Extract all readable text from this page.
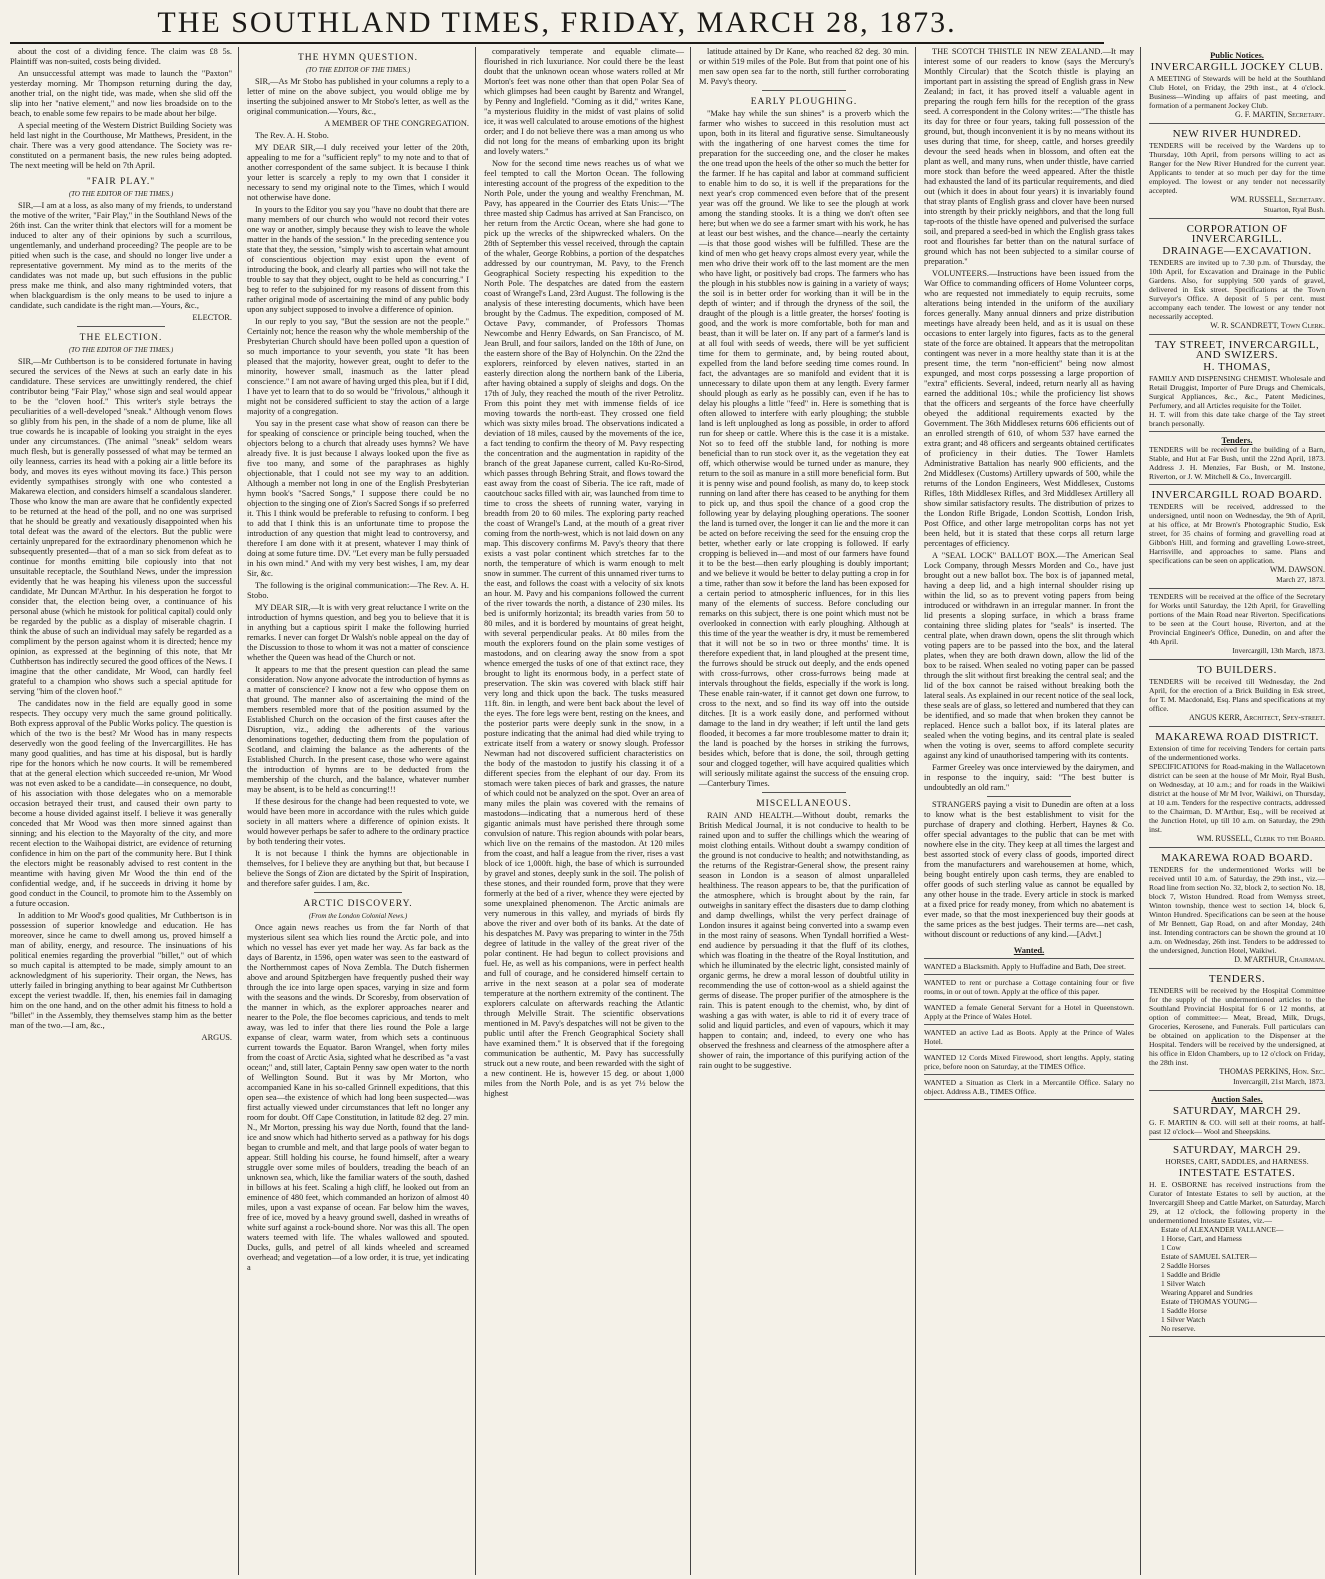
THE SOUTHLAND TIMES, FRIDAY, MARCH 28, 1873.

about the cost of a dividing fence. The claim was £8 5s. Plaintiff was non-suited, costs being divided.

An unsuccessful attempt was made to launch the "Paxton" yesterday morning. Mr Thompson returning during the day, another trial, on the night tide, was made, when she slid off the slip into her "native element," and now lies broadside on to the beach, to enable some few repairs to be made about her bilge.

A special meeting of the Western District Building Society was held last night in the Courthouse, Mr Matthews, President, in the chair. There was a very good attendance. The Society was re-constituted on a permanent basis, the new rules being adopted. The next meeting will be held on 7th April.

"FAIR PLAY."
(TO THE EDITOR OF THE TIMES.)

SIR,—I am at a loss, as also many of my friends, to understand the motive of the writer, "Fair Play," in the Southland News of the 26th inst. Can the writer think that electors will for a moment be induced to alter any of their opinions by such a scurrilous, ungentlemanly, and underhand proceeding? The people are to be pitied when such is the case, and should no longer live under a representative government. My mind as to the merits of the candidates was not made up, but such effusions in the public press make me think, and also many rightminded voters, that when blackguardism is the only means to be used to injure a candidate, such candidate is the right man.—Yours, &c.,

ELECTOR.

THE ELECTION.
(TO THE EDITOR OF THE TIMES.)

SIR,—Mr Cuthbertson is to be considered fortunate in having secured the services of the News at such an early date in his candidature. These services are unwittingly rendered, the chief contributor being "Fair Play," whose sign and seal would appear to be the "cloven hoof." This writer's style betrays the peculiarities of a well-developed "sneak." Although venom flows so glibly from his pen, in the shade of a nom de plume, like all true cowards he is incapable of looking you straight in the eyes under any circumstances. (The animal "sneak" seldom wears much flesh, but is generally possessed of what may be termed an oily leanness, carries its head with a poking air a little before its body, and moves its eyes without moving its face.) This person evidently sympathises strongly with one who contested a Makarewa election, and considers himself a scandalous slanderer. Those who know the man are aware that he confidently expected to be returned at the head of the poll, and no one was surprised that he should be greatly and vexatiously disappointed when his total defeat was the award of the electors. But the public were certainly unprepared for the extraordinary phenomenon which he subsequently presented—that of a man so sick from defeat as to continue for months emitting bile copiously into that not unsuitable receptacle, the Southland News, under the impression evidently that he was heaping his vileness upon the successful candidate, Mr Duncan M'Arthur. In his desperation he forgot to consider that, the election being over, a continuance of his personal abuse (which he mistook for political capital) could only be regarded by the public as a display of miserable chagrin. I think the abuse of such an individual may safely be regarded as a compliment by the person against whom it is directed; hence my opinion, as expressed at the beginning of this note, that Mr Cuthbertson has indirectly secured the good offices of the News. I imagine that the other candidate, Mr Wood, can hardly feel grateful to a champion who shows such a special aptitude for serving "him of the cloven hoof."

The candidates now in the field are equally good in some respects. They occupy very much the same ground politically. Both express approval of the Public Works policy. The question is which of the two is the best? Mr Wood has in many respects deservedly won the good feeling of the Invercargillites. He has many good qualities, and has time at his disposal, but is hardly ripe for the honors which he now courts. It will be remembered that at the general election which succeeded re-union, Mr Wood was not even asked to be a candidate—in consequence, no doubt, of his association with those delegates who on a memorable occasion betrayed their trust, and caused their own party to become a house divided against itself. I believe it was generally conceded that Mr Wood was then more sinned against than sinning; and his election to the Mayoralty of the city, and more recent election to the Waihopai district, are evidence of returning confidence in him on the part of the community here. But I think the electors might be reasonably advised to rest content in the meantime with having given Mr Wood the thin end of the confidential wedge, and, if he succeeds in driving it home by good conduct in the Council, to promote him to the Assembly on a future occasion.

In addition to Mr Wood's good qualities, Mr Cuthbertson is in possession of superior knowledge and education. He has moreover, since he came to dwell among us, proved himself a man of ability, energy, and resource. The insinuations of his political enemies regarding the proverbial "billet," out of which so much capital is attempted to be made, simply amount to an acknowledgment of his superiority. Their organ, the News, has utterly failed in bringing anything to bear against Mr Cuthbertson except the veriest twaddle. If, then, his enemies fail in damaging him on the one hand, and on the other admit his fitness to hold a "billet" in the Assembly, they themselves stamp him as the better man of the two.—I am, &c.,

ARGUS.

THE HYMN QUESTION.
(TO THE EDITOR OF THE TIMES.)

SIR,—As Mr Stobo has published in your columns a reply to a letter of mine on the above subject, you would oblige me by inserting the subjoined answer to Mr Stobo's letter, as well as the original communication.—Yours, &c.,

A MEMBER OF THE CONGREGATION.

The Rev. A. H. Stobo.

MY DEAR SIR,—I duly received your letter of the 20th, appealing to me for a "sufficient reply" to my note and to that of another correspondent of the same subject. It is because I think your letter is scarcely a reply to my own that I consider it necessary to send my original note to the Times, which I would not otherwise have done.

In yours to the Editor you say you "have no doubt that there are many members of our church who would not record their votes one way or another, simply because they wish to leave the whole matter in the hands of the session." In the preceding sentence you state that they, the session, "simply wish to ascertain what amount of conscientious objection may exist upon the event of introducing the book, and clearly all parties who will not take the trouble to say that they object, ought to be held as concurring." I beg to refer to the subjoined for my reasons of dissent from this rather original mode of ascertaining the mind of any public body upon any subject supposed to involve a difference of opinion.

In our reply to you say, "But the session are not the people." Certainly not; hence the reason why the whole membership of the Presbyterian Church should have been polled upon a question of so much importance to your seventh, you state "It has been pleased that the majority, however great, ought to defer to the minority, however small, inasmuch as the latter plead conscience." I am not aware of having urged this plea, but if I did, I have yet to learn that to do so would be "frivolous," although it might not be considered sufficient to stay the action of a large majority of a congregation.

You say in the present case what show of reason can there be for speaking of conscience or principle being touched, when the objectors belong to a church that already uses hymns? We have already five. It is just because I always looked upon the five as five too many, and some of the paraphrases as highly objectionable, that I could not see my way to an addition. Although a member not long in one of the English Presbyterian hymn book's "Sacred Songs," I suppose there could be no objection to the singing one of Zion's Sacred Songs if so preferred it. This I think would be preferable to refusing to conform. I beg to add that I think this is an unfortunate time to propose the introduction of any question that might lead to controversy, and therefore I am done with it at present, whatever I may think of doing at some future time. DV. "Let every man be fully persuaded in his own mind." And with my very best wishes, I am, my dear Sir, &c.

The following is the original communication:—The Rev. A. H. Stobo.

MY DEAR SIR,—It is with very great reluctance I write on the introduction of hymns question, and beg you to believe that it is in anything but a captious spirit I make the following hurried remarks. I never can forget Dr Walsh's noble appeal on the day of the Discussion to those to whom it was not a matter of conscience whether the Queen was head of the Church or not.

It appears to me that the present question can plead the same consideration. Now anyone advocate the introduction of hymns as a matter of conscience? I know not a few who oppose them on that ground. The manner also of ascertaining the mind of the members resembled more that of the position assumed by the Established Church on the occasion of the first causes after the Disruption, viz., adding the adherents of the various denominations together, deducting them from the population of Scotland, and claiming the balance as the adherents of the Established Church. In the present case, those who were against the introduction of hymns are to be deducted from the membership of the church, and the balance, whatever number may be absent, is to be held as concurring!!!

If these desirous for the change had been requested to vote, we would have been more in accordance with the rules which guide society in all matters where a difference of opinion exists. It would however perhaps be safer to adhere to the ordinary practice by both tendering their votes.

It is not because I think the hymns are objectionable in themselves, for I believe they are anything but that, but because I believe the Songs of Zion are dictated by the Spirit of Inspiration, and therefore safer guides. I am, &c.

ARCTIC DISCOVERY.
(From the London Colonial News.)

Once again news reaches us from the far North of that mysterious silent sea which lies round the Arctic pole, and into which no vessel has ever yet made her way. As far back as the days of Barentz, in 1596, open water was seen to the eastward of the Northernmost capes of Nova Zembla. The Dutch fishermen above and around Spitzbergen have frequently pushed their way through the ice into large open spaces, varying in size and form with the seasons and the winds. Dr Scoresby, from observation of the manner in which, as the explorer approaches nearer and nearer to the Pole, the floe becomes capricious, and tends to melt away, was led to infer that there lies round the Pole a large expanse of clear, warm water, from which sets a continuous current towards the Equator. Baron Wrangel, when forty miles from the coast of Arctic Asia, sighted what he described as "a vast ocean;" and, still later, Captain Penny saw open water to the north of Wellington Sound. But it was by Mr Morton, who accompanied Kane in his so-called Grinnell expeditions, that this open sea—the existence of which had long been suspected—was first actually viewed under circumstances that left no longer any room for doubt. Off Cape Constitution, in latitude 82 deg. 27 min. N., Mr Morton, pressing his way due North, found that the land-ice and snow which had hitherto served as a pathway for his dogs began to crumble and melt, and that large pools of water began to appear. Still holding his course, he found himself, after a weary struggle over some miles of boulders, treading the beach of an unknown sea, which, like the familiar waters of the south, dashed in billows at his feet. Scaling a high cliff, he looked out from an eminence of 480 feet, which commanded an horizon of almost 40 miles, upon a vast expanse of ocean. Far below him the waves, free of ice, moved by a heavy ground swell, dashed in wreaths of white surf against a rock-bound shore. Nor was this all. The open waters teemed with life. The whales wallowed and spouted. Ducks, gulls, and petrel of all kinds wheeled and screamed overhead; and vegetation—of a low order, it is true, yet indicating a

comparatively temperate and equable climate—flourished in rich luxuriance. Nor could there be the least doubt that the unknown ocean whose waters rolled at Mr Morton's feet was none other than that open Polar Sea of which glimpses had been caught by Barentz and Wrangel, by Penny and Inglefield. "Coming as it did," writes Kane, "a mysterious fluidity in the midst of vast plains of solid ice, it was well calculated to arouse emotions of the highest order; and I do not believe there was a man among us who did not long for the means of embarking upon its bright and lovely waters."

Now for the second time news reaches us of what we feel tempted to call the Morton Ocean. The following interesting account of the progress of the expedition to the North Pole, under the young and wealthy Frenchman, M. Pavy, has appeared in the Courrier des Etats Unis:—"The three masted ship Cadmus has arrived at San Francisco, on her return from the Arctic Ocean, where she had gone to pick up the wrecks of the shipwrecked whalers. On the 28th of September this vessel received, through the captain of the whaler, George Robbins, a portion of the despatches addressed by our countryman, M. Pavy, to the French Geographical Society respecting his expedition to the North Pole. The despatches are dated from the eastern coast of Wrangel's Land, 23rd August. The following is the analysis of these interesting documents, which have been brought by the Cadmus. The expedition, composed of M. Octave Pavy, commander, of Professors Thomas Newcombe and Henry Edwards, on San Francisco, of M. Jean Brull, and four sailors, landed on the 18th of June, on the eastern shore of the Bay of Holynchin. On the 22nd the explorers, reinforced by eleven natives, started in an easterly direction along the northern bank of the Liberia, after having obtained a supply of sleighs and dogs. On the 17th of July, they reached the mouth of the river Petrolitz. From this point they met with immense fields of ice moving towards the north-east. They crossed one field which was sixty miles broad. The observations indicated a deviation of 18 miles, caused by the movements of the ice, a fact tending to confirm the theory of M. Pavy respecting the concentration and the augmentation in rapidity of the branch of the great Japanese current, called Ku-Ro-Sirod, which passes through Behring Strait, and flows toward the east away from the coast of Siberia. The ice raft, made of caoutchouc sacks filled with air, was launched from time to time to cross the sheets of running water, varying in breadth from 20 to 60 miles. The exploring party reached the coast of Wrangel's Land, at the mouth of a great river coming from the north-west, which is not laid down on any map. This discovery confirms M. Pavy's theory that there exists a vast polar continent which stretches far to the north, the temperature of which is warm enough to melt snow in summer. The current of this unnamed river turns to the east, and follows the coast with a velocity of six knots an hour. M. Pavy and his companions followed the current of the river towards the north, a distance of 230 miles. Its bed is uniformly horizontal; its breadth varies from 50 to 80 miles, and it is bordered by mountains of great height, with several perpendicular peaks. At 80 miles from the mouth the explorers found on the plain some vestiges of mastodons, and on clearing away the snow from a spot whence emerged the tusks of one of that extinct race, they brought to light its enormous body, in a perfect state of preservation. The skin was covered with black stiff hair very long and thick upon the back. The tusks measured 11ft. 8in. in length, and were bent back about the level of the eyes. The fore legs were bent, resting on the knees, and the posterior parts were deeply sunk in the snow, in a posture indicating that the animal had died while trying to extricate itself from a watery or snowy slough. Professor Newman had not discovered sufficient characteristics on the body of the mastodon to justify his classing it of a different species from the elephant of our day. From its stomach were taken pieces of bark and grasses, the nature of which could not be analyzed on the spot. Over an area of many miles the plain was covered with the remains of mastodons—indicating that a numerous herd of these gigantic animals must have perished there through some convulsion of nature. This region abounds with polar bears, which live on the remains of the mastodon. At 120 miles from the coast, and half a league from the river, rises a vast block of ice 1,000ft. high, the base of which is surrounded by gravel and stones, deeply sunk in the soil. The polish of these stones, and their rounded form, prove that they were formerly at the bed of a river, whence they were ejected by some unexplained phenomenon. The Arctic animals are very numerous in this valley, and myriads of birds fly above the river and over both of its banks. At the date of his despatches M. Pavy was preparing to winter in the 75th degree of latitude in the valley of the great river of the polar continent. He had begun to collect provisions and fuel. He, as well as his companions, were in perfect health and full of courage, and he considered himself certain to arrive in the next season at a polar sea of moderate temperature at the northern extremity of the continent. The explorers calculate on afterwards reaching the Atlantic through Melville Strait. The scientific observations mentioned in M. Pavy's despatches will not be given to the public until after the French Geographical Society shall have examined them." It is observed that if the foregoing communication be authentic, M. Pavy has successfully struck out a new route, and been rewarded with the sight of a new continent. He is, however 15 deg. or about 1,000 miles from the North Pole, and is as yet 7½ below the highest

latitude attained by Dr Kane, who reached 82 deg. 30 min. or within 519 miles of the Pole. But from that point one of his men saw open sea far to the north, still further corroborating M. Pavy's theory.

EARLY PLOUGHING.

"Make hay while the sun shines" is a proverb which the farmer who wishes to succeed in this resolution must act upon, both in its literal and figurative sense. Simultaneously with the ingathering of one harvest comes the time for preparation for the succeeding one, and the closer he makes the one tread upon the heels of the other so much the better for the farmer. If he has capital and labor at command sufficient to enable him to do so, it is well if the preparations for the next year's crop commenced even before that of the present year was off the ground. We like to see the plough at work among the standing stooks. It is a thing we don't often see here; but when we do see a farmer smart with his work, he has at least our best wishes, and the chance—nearly the certainty—is that those good wishes will be fulfilled. These are the kind of men who get heavy crops almost every year, while the men who drive their work off to the last moment are the men who have light, or positively bad crops. The farmers who has the plough in his stubbles now is gaining in a variety of ways; the soil is in better order for working than it will be in the depth of winter; and if through the dryness of the soil, the draught of the plough is a little greater, the horses' footing is good, and the work is more comfortable, both for man and beast, than it will be later on. If any part of a farmer's land is at all foul with seeds of weeds, there will be yet sufficient time for them to germinate, and, by being routed about, expelled from the land before seeding time comes round. In fact, the advantages are so manifold and evident that it is unnecessary to dilate upon them at any length. Every farmer should plough as early as he possibly can, even if he has to delay his ploughs a little "feed" in. Here is something that is often allowed to interfere with early ploughing; the stubble land is left unploughed as long as possible, in order to afford run for sheep or cattle. Where this is the case it is a mistake. Not so to feed off the stubble land, for nothing is more beneficial than to run stock over it, as the vegetation they eat off, which otherwise would be turned under as manure, they return to the soil as manure in a still more beneficial form. But it is penny wise and pound foolish, as many do, to keep stock running on land after there has ceased to be anything for them to pick up, and thus spoil the chance of a good crop the following year by delaying ploughing operations. The sooner the land is turned over, the longer it can lie and the more it can be acted on before receiving the seed for the ensuing crop the better, whether early or late cropping is followed. If early cropping is believed in—and most of our farmers have found it to be the best—then early ploughing is doubly important; and we believe it would be better to delay putting a crop in for a time, rather than sow it before the land has been exposed for a certain period to atmospheric influences, for in this lies many of the elements of success. Before concluding our remarks on this subject, there is one point which must not be overlooked in connection with early ploughing. Although at this time of the year the weather is dry, it must be remembered that it will not be so in two or three months' time. It is therefore expedient that, in land ploughed at the present time, the furrows should be struck out deeply, and the ends opened with cross-furrows, other cross-furrows being made at intervals throughout the fields, especially if the work is long. These enable rain-water, if it cannot get down one furrow, to cross to the next, and so find its way off into the outside ditches. [It is a work easily done, and performed without damage to the land in dry weather; if left until the land gets flooded, it becomes a far more troublesome matter to drain it; the land is poached by the horses in striking the furrows, besides which, before that is done, the soil, through getting sour and clogged together, will have acquired qualities which will seriously militate against the success of the ensuing crop.—Canterbury Times.

MISCELLANEOUS.

RAIN AND HEALTH.—Without doubt, remarks the British Medical Journal, it is not conducive to health to be rained upon and to suffer the chillings which the wearing of moist clothing entails. Without doubt a swampy condition of the ground is not conducive to health; and notwithstanding, as the returns of the Registrar-General show, the present rainy season in London is a season of almost unparalleled healthiness. The reason appears to be, that the purification of the atmosphere, which is brought about by the rain, far outweighs in sanitary effect the disasters due to damp clothing and damp dwellings, whilst the very perfect drainage of London insures it against being converted into a swamp even in the most rainy of seasons. When Tyndall horrified a West-end audience by persuading it that the fluff of its clothes, which was floating in the theatre of the Royal Institution, and which he illuminated by the electric light, consisted mainly of organic germs, he drew a moral lesson of doubtful utility in recommending the use of cotton-wool as a shield against the germs of disease. The proper purifier of the atmosphere is the rain. This is patent enough to the chemist, who, by dint of washing a gas with water, is able to rid it of every trace of solid and liquid particles, and even of vapours, which it may happen to contain; and, indeed, to every one who has observed the freshness and clearness of the atmosphere after a shower of rain, the importance of this purifying action of the rain ought to be suggestive.

THE SCOTCH THISTLE IN NEW ZEALAND.—It may interest some of our readers to know (says the Mercury's Monthly Circular) that the Scotch thistle is playing an important part in assisting the spread of English grass in New Zealand; in fact, it has proved itself a valuable agent in preparing the rough fern hills for the reception of the grass seed. A correspondent in the Colony writes:—"The thistle has its day for three or four years, taking full possession of the ground, but, though inconvenient it is by no means without its uses during that time, for sheep, cattle, and horses greedily devour the seed heads when in blossom, and often eat the plant as well, and many runs, when under thistle, have carried more stock than before the weed appeared. After the thistle had exhausted the land of its particular requirements, and died out (which it does in about four years) it is invariably found that stray plants of English grass and clover have been nursed into strength by their prickly neighbors, and that the long full tap-roots of the thistle have opened and pulverised the surface soil, and prepared a seed-bed in which the English grass takes root and flourishes far better than on the natural surface of ground which has not been subjected to a similar course of preparation."

VOLUNTEERS.—Instructions have been issued from the War Office to commanding officers of Home Volunteer corps, who are requested not immediately to equip recruits, some alterations being intended in the uniform of the auxiliary forces generally. Many annual dinners and prize distribution meetings have already been held, and as it is usual on these occasions to enter largely into figures, facts as to the general state of the force are obtained. It appears that the metropolitan contingent was never in a more healthy state than it is at the present time, the term "non-efficient" being now almost expunged, and most corps possessing a large proportion of "extra" efficients. Several, indeed, return nearly all as having earned the additional 10s.; while the proficiency list shows that the officers and sergeants of the force have cheerfully obeyed the additional requirements exacted by the Government. The 36th Middlesex returns 606 efficients out of an enrolled strength of 610, of whom 537 have earned the extra grant; and 48 officers and sergeants obtained certificates of proficiency in their duties. The Tower Hamlets Administrative Battalion has nearly 900 efficients, and the 2nd Middlesex (Customs) Artillery upwards of 500, while the returns of the London Engineers, West Middlesex, Customs Rifles, 18th Middlesex Rifles, and 3rd Middlesex Artillery all show similar satisfactory results. The distribution of prizes to the London Rifle Brigade, London Scottish, London Irish, Post Office, and other large metropolitan corps has not yet been held, but it is stated that these corps all return large percentages of efficiency.

A "SEAL LOCK" BALLOT BOX.—The American Seal Lock Company, through Messrs Morden and Co., have just brought out a new ballot box. The box is of japanned metal, having a deep lid, and a high internal shoulder rising up within the lid, so as to prevent voting papers from being introduced or withdrawn in an irregular manner. In front the lid presents a sloping surface, in which a brass frame containing three sliding plates for "seals" is inserted. The central plate, when drawn down, opens the slit through which voting papers are to be passed into the box, and the lateral plates, when they are both drawn down, allow the lid of the box to be raised. When sealed no voting paper can be passed through the slit without first breaking the central seal; and the lid of the box cannot be raised without breaking both the lateral seals. As explained in our recent notice of the seal lock, these seals are of glass, so lettered and numbered that they can be identified, and so made that when broken they cannot be replaced. Hence such a ballot box, if its lateral plates are sealed when the voting begins, and its central plate is sealed when the voting is over, seems to afford complete security against any kind of unauthorised tampering with its contents.

Farmer Greeley was once interviewed by the dairymen, and in response to the inquiry, said: "The best butter is undoubtedly an old ram."

STRANGERS paying a visit to Dunedin are often at a loss to know what is the best establishment to visit for the purchase of drapery and clothing. Herbert, Haynes & Co. offer special advantages to the public that can be met with nowhere else in the city. They keep at all times the largest and best assorted stock of every class of goods, imported direct from the manufacturers and warehousemen at home, which, being bought entirely upon cash terms, they are enabled to offer goods of such sterling value as cannot be equalled by any other house in the trade. Every article in stock is marked at a fixed price for ready money, from which no abatement is ever made, so that the most inexperienced buy their goods at the same prices as the best judges. Their terms are—net cash, without discount or reductions of any kind.—[Advt.]

Wanted.
WANTED a Blacksmith. Apply to Huffadine and Bath, Dee street.
WANTED to rent or purchase a Cottage containing four or five rooms, in or out of town. Apply at the office of this paper.
WANTED a female General Servant for a Hotel in Queenstown. Apply at the Prince of Wales Hotel.
WANTED an active Lad as Boots. Apply at the Prince of Wales Hotel.
WANTED 12 Cords Mixed Firewood, short lengths. Apply, stating price, before noon on Saturday, at the TIMES Office.
WANTED a Situation as Clerk in a Mercantile Office. Salary no object. Address A.B., TIMES Office.
Public Notices.
INVERCARGILL JOCKEY CLUB.
A MEETING of Stewards will be held at the Southland Club Hotel, on Friday, the 29th inst., at 4 o'clock. Business—Winding up affairs of past meeting, and formation of a permanent Jockey Club.
G. F. MARTIN, Secretary.
NEW RIVER HUNDRED.
TENDERS will be received by the Wardens up to Thursday, 10th April, from persons willing to act as Ranger for the New River Hundred for the current year. Applicants to tender at so much per day for the time employed. The lowest or any tender not necessarily accepted.
WM. RUSSELL, Secretary.
Stuarton, Ryal Bush.
CORPORATION OF INVERCARGILL.
DRAINAGE—EXCAVATION.
TENDERS are invited up to 7.30 p.m. of Thursday, the 10th April, for Excavation and Drainage in the Public Gardens. Also, for supplying 500 yards of gravel, delivered in Esk street. Specifications at the Town Surveyor's Office. A deposit of 5 per cent. must accompany each tender. The lowest or any tender not necessarily accepted.
W. R. SCANDRETT, Town Clerk.
TAY STREET, INVERCARGILL, AND SWIZERS.
H. THOMAS,
FAMILY AND DISPENSING CHEMIST. Wholesale and Retail Druggist, Importer of Pure Drugs and Chemicals, Surgical Appliances, &c., &c., Patent Medicines, Perfumery, and all Articles requisite for the Toilet.
H. T. will from this date take charge of the Tay street branch personally.
Tenders.
TENDERS will be received for the building of a Barn, Stable, and Hut at Far Bush, until the 22nd April, 1873. Address J. H. Menzies, Far Bush, or M. Instone, Riverton, or J. W. Mitchell & Co., Invercargill.
INVERCARGILL ROAD BOARD.
TENDERS will be received, addressed to the undersigned, until noon on Wednesday, the 9th of April, at his office, at Mr Brown's Photographic Studio, Esk street, for 35 chains of forming and gravelling road at Gibbon's Hill, and forming and gravelling Lowe-street, Harrisville, and approaches to same. Plans and specifications can be seen on application.
WM. DAWSON.
March 27, 1873.
TENDERS will be received at the office of the Secretary for Works until Saturday, the 12th April, for Gravelling portions of the Main Road near Riverton. Specifications to be seen at the Court house, Riverton, and at the Provincial Engineer's Office, Dunedin, on and after the 4th April.
Invercargill, 13th March, 1873.
TO BUILDERS.
TENDERS will be received till Wednesday, the 2nd April, for the erection of a Brick Building in Esk street, for T. M. Macdonald, Esq. Plans and specifications at my office.
ANGUS KERR, Architect, Spey-street.
MAKAREWA ROAD DISTRICT.
Extension of time for receiving Tenders for certain parts of the undermentioned works.
SPECIFICATIONS for Road-making in the Wallacetown district can be seen at the house of Mr Moir, Ryal Bush, on Wednesday, at 10 a.m.; and for roads in the Waikiwi district at the house of Mr M Ivor, Waikiwi, on Thursday, at 10 a.m. Tenders for the respective contracts, addressed to the Chairman, D. M'Arthur, Esq., will be received at the Junction Hotel, up till 10 a.m. on Saturday, the 29th inst.
WM. RUSSELL, Clerk to the Board.
MAKAREWA ROAD BOARD.
TENDERS for the undermentioned Works will be received until 10 a.m. of Saturday, the 29th inst., viz.— Road line from section No. 32, block 2, to section No. 18, block 7, Wiston Hundred. Road from Wemyss street, Winton township, thence west to section 14, block 6, Winton Hundred. Specifications can be seen at the house of Mr Bennett, Gap Road, on and after Monday, 24th inst. Intending contractors can be shown the ground at 10 a.m. on Wednesday, 26th inst. Tenders to be addressed to the undersigned, Junction Hotel, Waikiwi.
D. M'ARTHUR, Chairman.
TENDERS.
TENDERS will be received by the Hospital Committee for the supply of the undermentioned articles to the Southland Provincial Hospital for 6 or 12 months, at option of committee:— Meat, Bread, Milk, Drugs, Groceries, Kerosene, and Funerals. Full particulars can be obtained on application to the Dispenser at the Hospital. Tenders will be received by the undersigned, at his office in Eldon Chambers, up to 12 o'clock on Friday, the 28th inst.
THOMAS PERKINS, Hon. Sec.
Invercargill, 21st March, 1873.
Auction Sales.
SATURDAY, MARCH 29.
G. F. MARTIN & CO. will sell at their rooms, at half-past 12 o'clock— Wool and Sheepskins.
SATURDAY, MARCH 29.
HORSES, CART, SADDLES, and HARNESS.
INTESTATE ESTATES.
H. E. OSBORNE has received instructions from the Curator of Intestate Estates to sell by auction, at the Invercargill Sheep and Cattle Market, on Saturday, March 29, at 12 o'clock, the following property in the undermentioned Intestate Estates, viz.—
Estate of ALEXANDER VALLANCE—
1 Horse, Cart, and Harness
1 Cow
Estate of SAMUEL SALTER—
2 Saddle Horses
1 Saddle and Bridle
1 Silver Watch
Wearing Apparel and Sundries
Estate of THOMAS YOUNG—
1 Saddle Horse
1 Silver Watch
No reserve.
